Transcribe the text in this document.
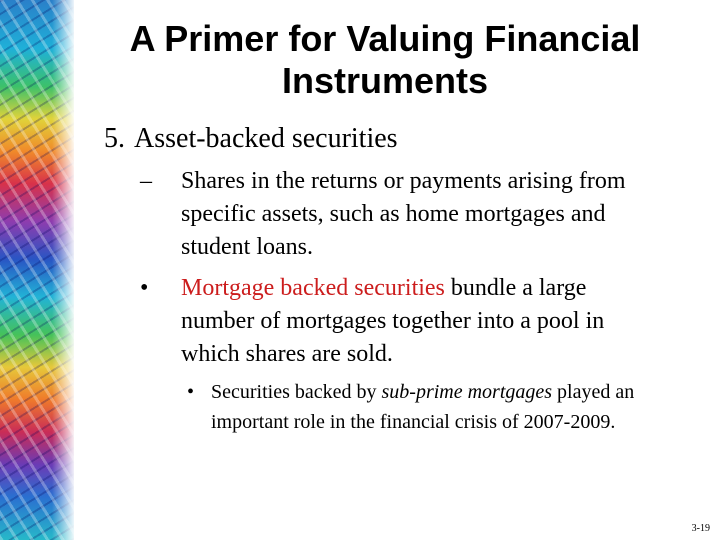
A Primer for Valuing Financial Instruments
5. Asset-backed securities
– Shares in the returns or payments arising from specific assets, such as home mortgages and student loans.
• Mortgage backed securities bundle a large number of mortgages together into a pool in which shares are sold.
• Securities backed by sub-prime mortgages played an important role in the financial crisis of 2007-2009.
3-19
